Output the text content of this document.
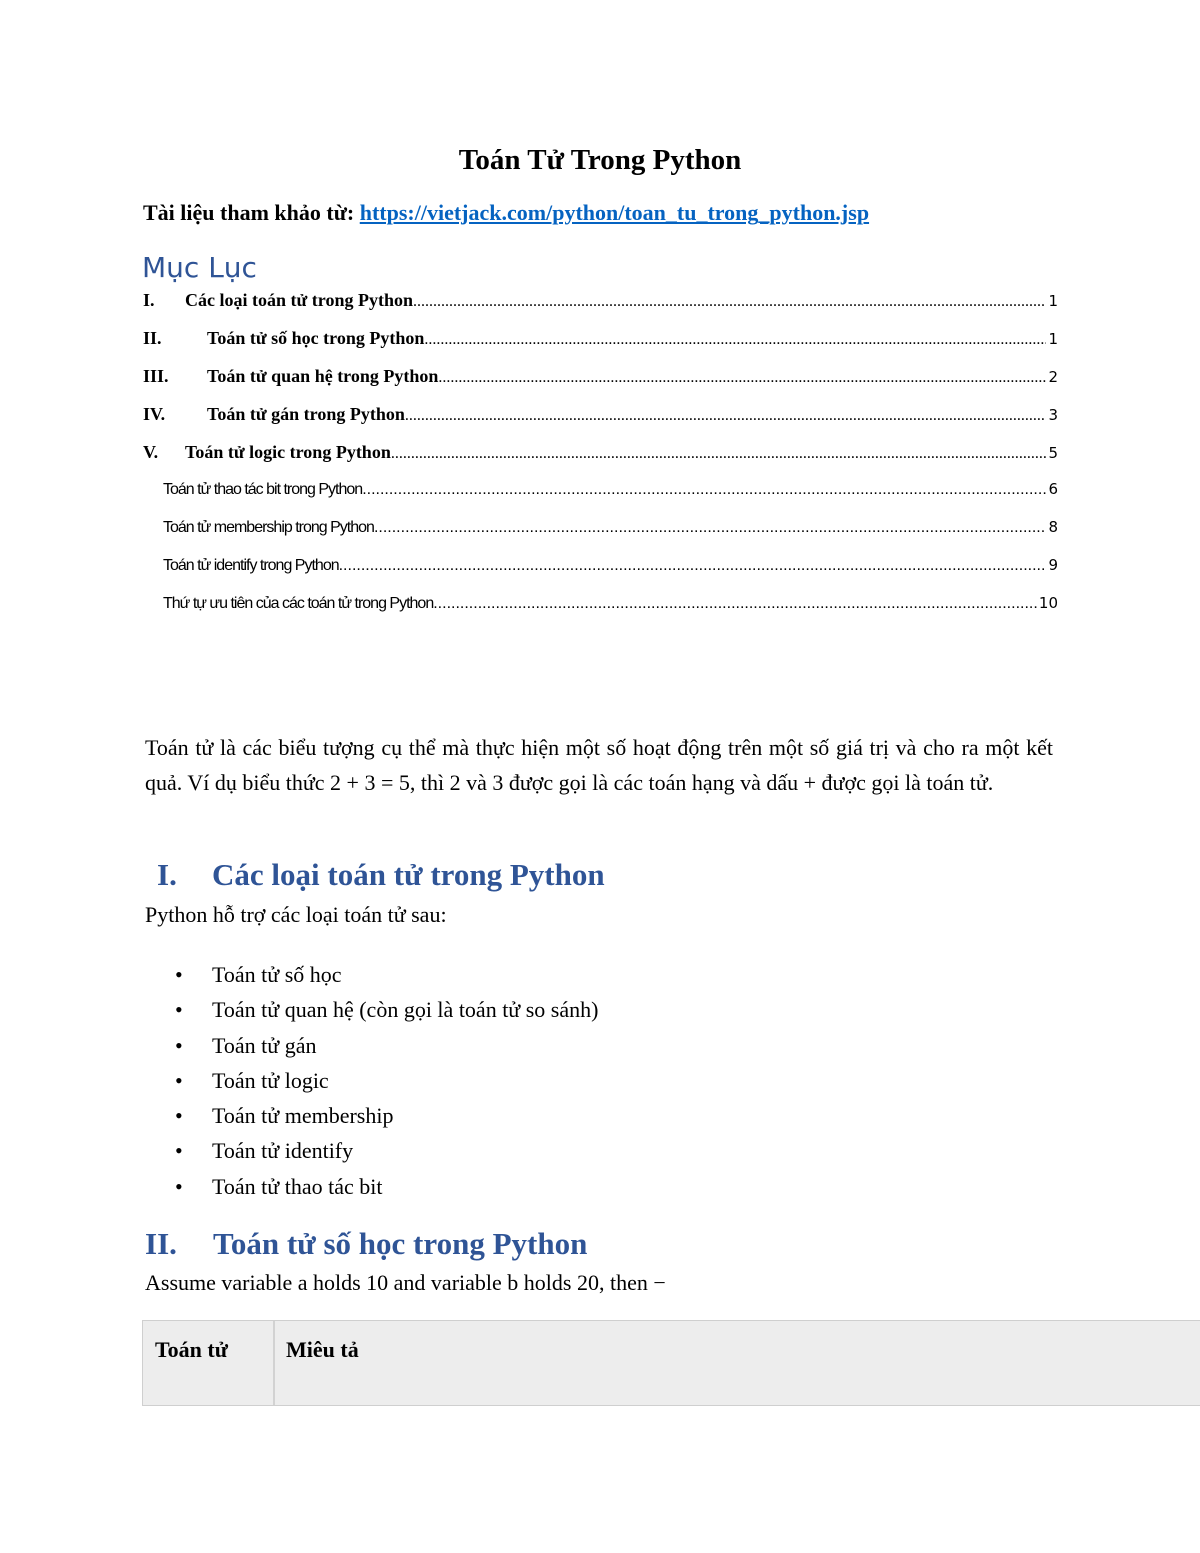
Toán Tử Trong Python
Tài liệu tham khảo từ: https://vietjack.com/python/toan_tu_trong_python.jsp
Mục Lục
I.	Các loại toán tử trong Python .....	1
II.	Toán tử số học trong Python .....	1
III.	Toán tử quan hệ trong Python .....	2
IV.	Toán tử gán trong Python .....	3
V.	Toán tử logic trong Python .....	5
Toán tử thao tác bit trong Python .....	6
Toán tử membership trong Python .....	8
Toán tử identify trong Python .....	9
Thứ tự ưu tiên của các toán tử trong Python .....	10
Toán tử là các biểu tượng cụ thể mà thực hiện một số hoạt động trên một số giá trị và cho ra một kết quả. Ví dụ biểu thức 2 + 3 = 5, thì 2 và 3 được gọi là các toán hạng và dấu + được gọi là toán tử.
I. Các loại toán tử trong Python
Python hỗ trợ các loại toán tử sau:
• Toán tử số học
• Toán tử quan hệ (còn gọi là toán tử so sánh)
• Toán tử gán
• Toán tử logic
• Toán tử membership
• Toán tử identify
• Toán tử thao tác bit
II. Toán tử số học trong Python
Assume variable a holds 10 and variable b holds 20, then −
Toán tử	Miêu tả
